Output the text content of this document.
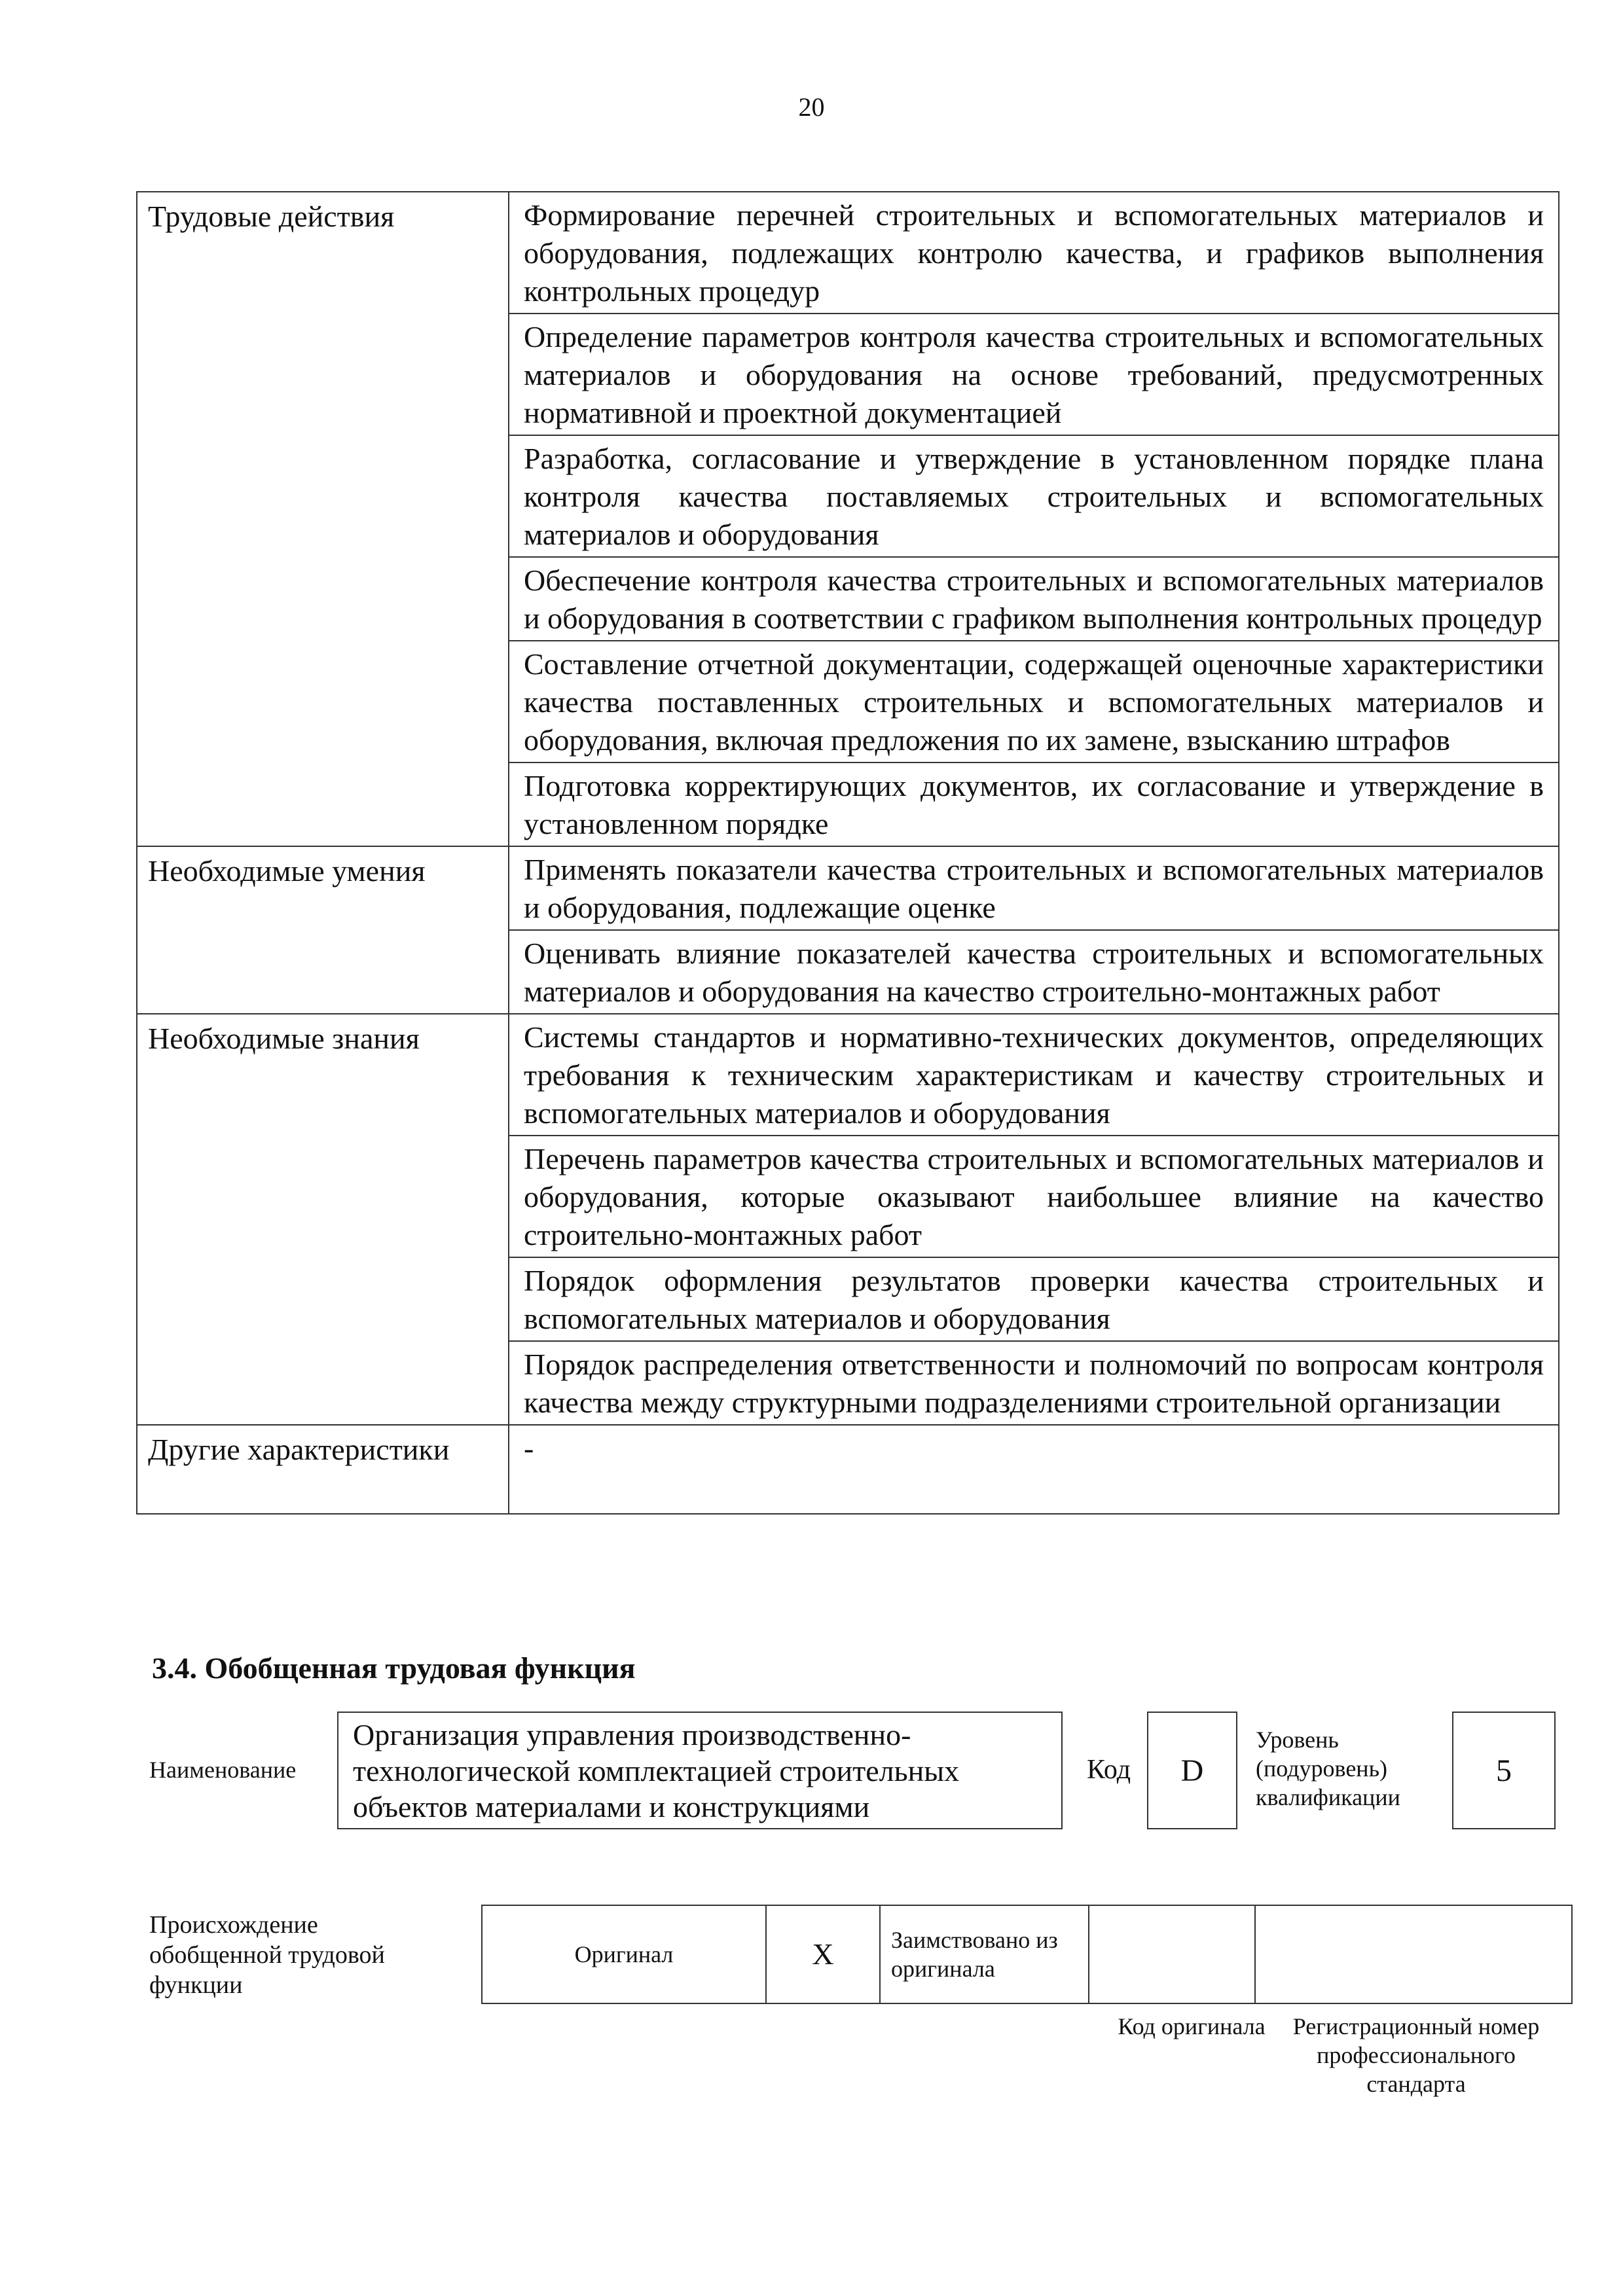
20
Трудовые действия	Формирование перечней строительных и вспомогательных материалов и оборудования, подлежащих контролю качества, и графиков выполнения контрольных процедур
	Определение параметров контроля качества строительных и вспомогательных материалов и оборудования на основе требований, предусмотренных нормативной и проектной документацией
	Разработка, согласование и утверждение в установленном порядке плана контроля качества поставляемых строительных и вспомогательных материалов и оборудования
	Обеспечение контроля качества строительных и вспомогательных материалов и оборудования в соответствии с графиком выполнения контрольных процедур
	Составление отчетной документации, содержащей оценочные характеристики качества поставленных строительных и вспомогательных материалов и оборудования, включая предложения по их замене, взысканию штрафов
	Подготовка корректирующих документов, их согласование и утверждение в установленном порядке
Необходимые умения	Применять показатели качества строительных и вспомогательных материалов и оборудования, подлежащие оценке
	Оценивать влияние показателей качества строительных и вспомогательных материалов и оборудования на качество строительно-монтажных работ
Необходимые знания	Системы стандартов и нормативно-технических документов, определяющих требования к техническим характеристикам и качеству строительных и вспомогательных материалов и оборудования
	Перечень параметров качества строительных и вспомогательных материалов и оборудования, которые оказывают наибольшее влияние на качество строительно-монтажных работ
	Порядок оформления результатов проверки качества строительных и вспомогательных материалов и оборудования
	Порядок распределения ответственности и полномочий по вопросам контроля качества между структурными подразделениями строительной организации
Другие характеристики	-
3.4. Обобщенная трудовая функция
Наименование
Организация управления производственно-технологической комплектацией строительных объектов материалами и конструкциями
Код	D
Уровень (подуровень) квалификации
5
Происхождение обобщенной трудовой функции
Оригинал	X	Заимствовано из оригинала		
Код оригинала	Регистрационный номер профессионального стандарта
